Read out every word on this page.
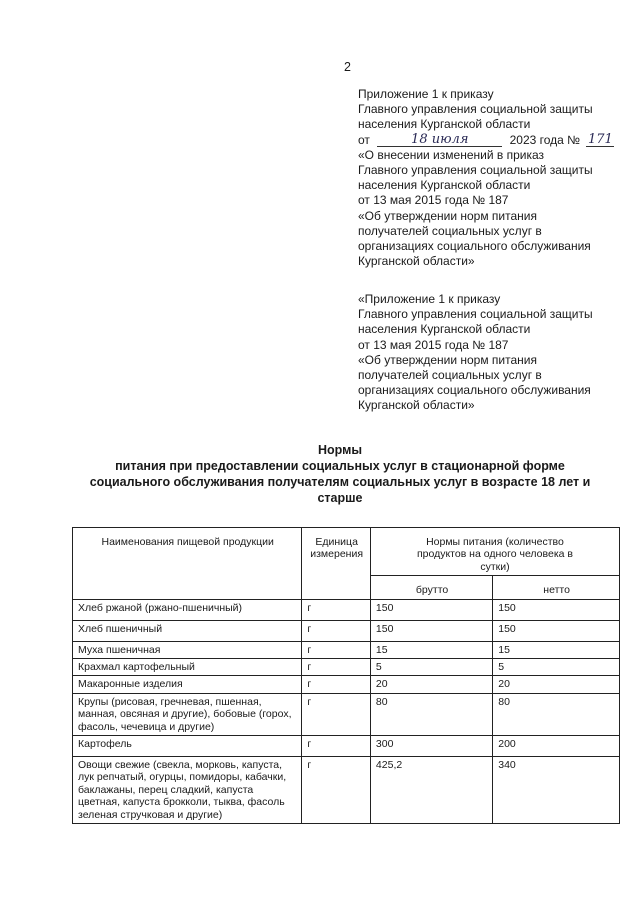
2
Приложение 1 к приказу
Главного управления социальной защиты
населения Курганской области
от	18 июля	2023 года № 171
«О внесении изменений в приказ
Главного управления социальной защиты
населения Курганской области
от 13 мая 2015 года № 187
«Об утверждении норм питания
получателей социальных услуг в
организациях социального обслуживания
Курганской области»
«Приложение 1 к приказу
Главного управления социальной защиты
населения Курганской области
от 13 мая 2015 года № 187
«Об утверждении норм питания
получателей социальных услуг в
организациях социального обслуживания
Курганской области»
Нормы
питания при предоставлении социальных услуг в стационарной форме
социального обслуживания получателям социальных услуг в возрасте 18 лет и
старше
Наименования пищевой продукции	Единица измерения	Нормы питания (количество продуктов на одного человека в сутки)	
		брутто	нетто
Хлеб ржаной (ржано-пшеничный)	г	150	150
Хлеб пшеничный	г	150	150
Муха пшеничная	г	15	15
Крахмал картофельный	г	5	5
Макаронные изделия	г	20	20
Крупы (рисовая, гречневая, пшенная, манная, овсяная и другие), бобовые (горох, фасоль, чечевица и другие)	г	80	80
Картофель	г	300	200
Овощи свежие (свекла, морковь, капуста, лук репчатый, огурцы, помидоры, кабачки, баклажаны, перец сладкий, капуста цветная, капуста брокколи, тыква, фасоль зеленая стручковая и другие)	г	425,2	340
